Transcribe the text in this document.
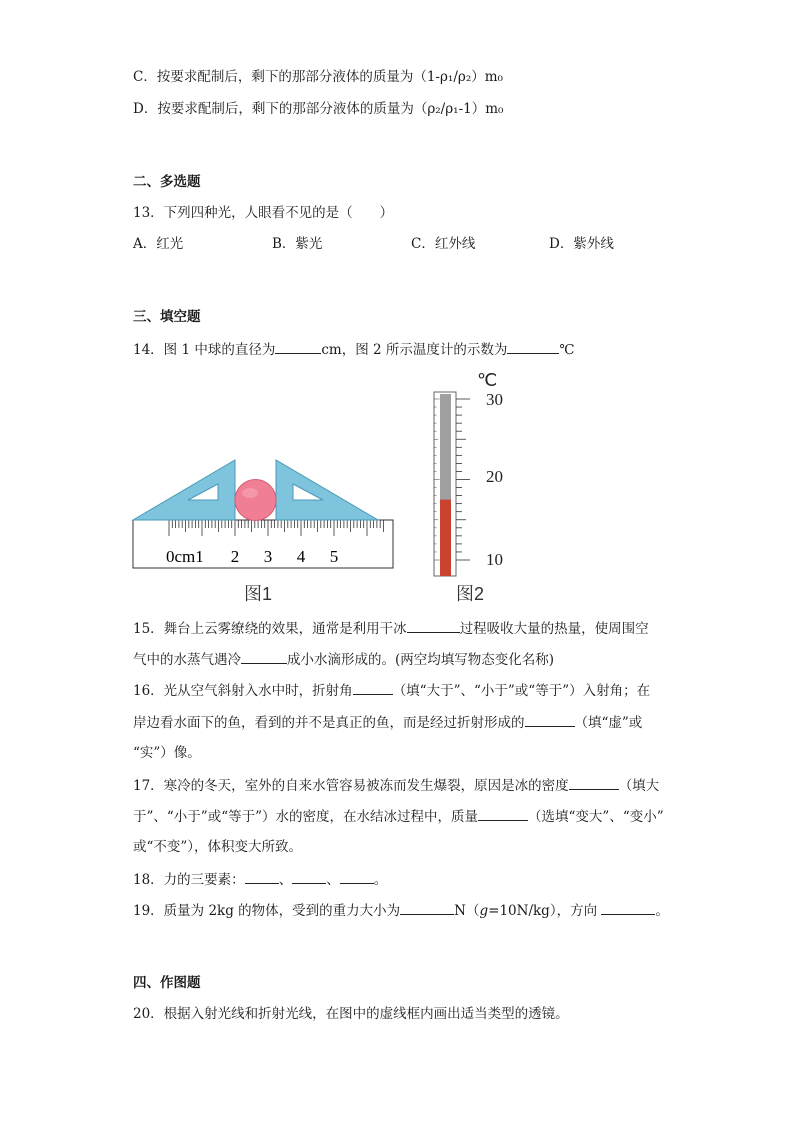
C．按要求配制后，剩下的那部分液体的质量为（1-ρ₁/ρ₂）m₀
D．按要求配制后，剩下的那部分液体的质量为（ρ₂/ρ₁-1）m₀
二、多选题
13．下列四种光，人眼看不见的是（　　）
A．红光	B．紫光	C．红外线	D．紫外线
三、填空题
14．图 1 中球的直径为	cm，图 2 所示温度计的示数为	℃
0cm1 2 3 4 5
图1
℃
30
20
10
图2
15．舞台上云雾缭绕的效果，通常是利用干冰	过程吸收大量的热量，使周围空
气中的水蒸气遇冷	成小水滴形成的。(两空均填写物态变化名称)
16．光从空气斜射入水中时，折射角	（填“大于”、“小于”或“等于”）入射角；在
岸边看水面下的鱼，看到的并不是真正的鱼，而是经过折射形成的	（填“虚”或
“实”）像。
17．寒冷的冬天，室外的自来水管容易被冻而发生爆裂，原因是冰的密度	（填大
于”、“小于”或“等于”）水的密度，在水结冰过程中，质量	（选填“变大”、“变小”
或“不变”），体积变大所致。
18．力的三要素：	、	、	。
19．质量为 2kg 的物体，受到的重力大小为	N（g=10N/kg），方向	。
四、作图题
20．根据入射光线和折射光线，在图中的虚线框内画出适当类型的透镜。
